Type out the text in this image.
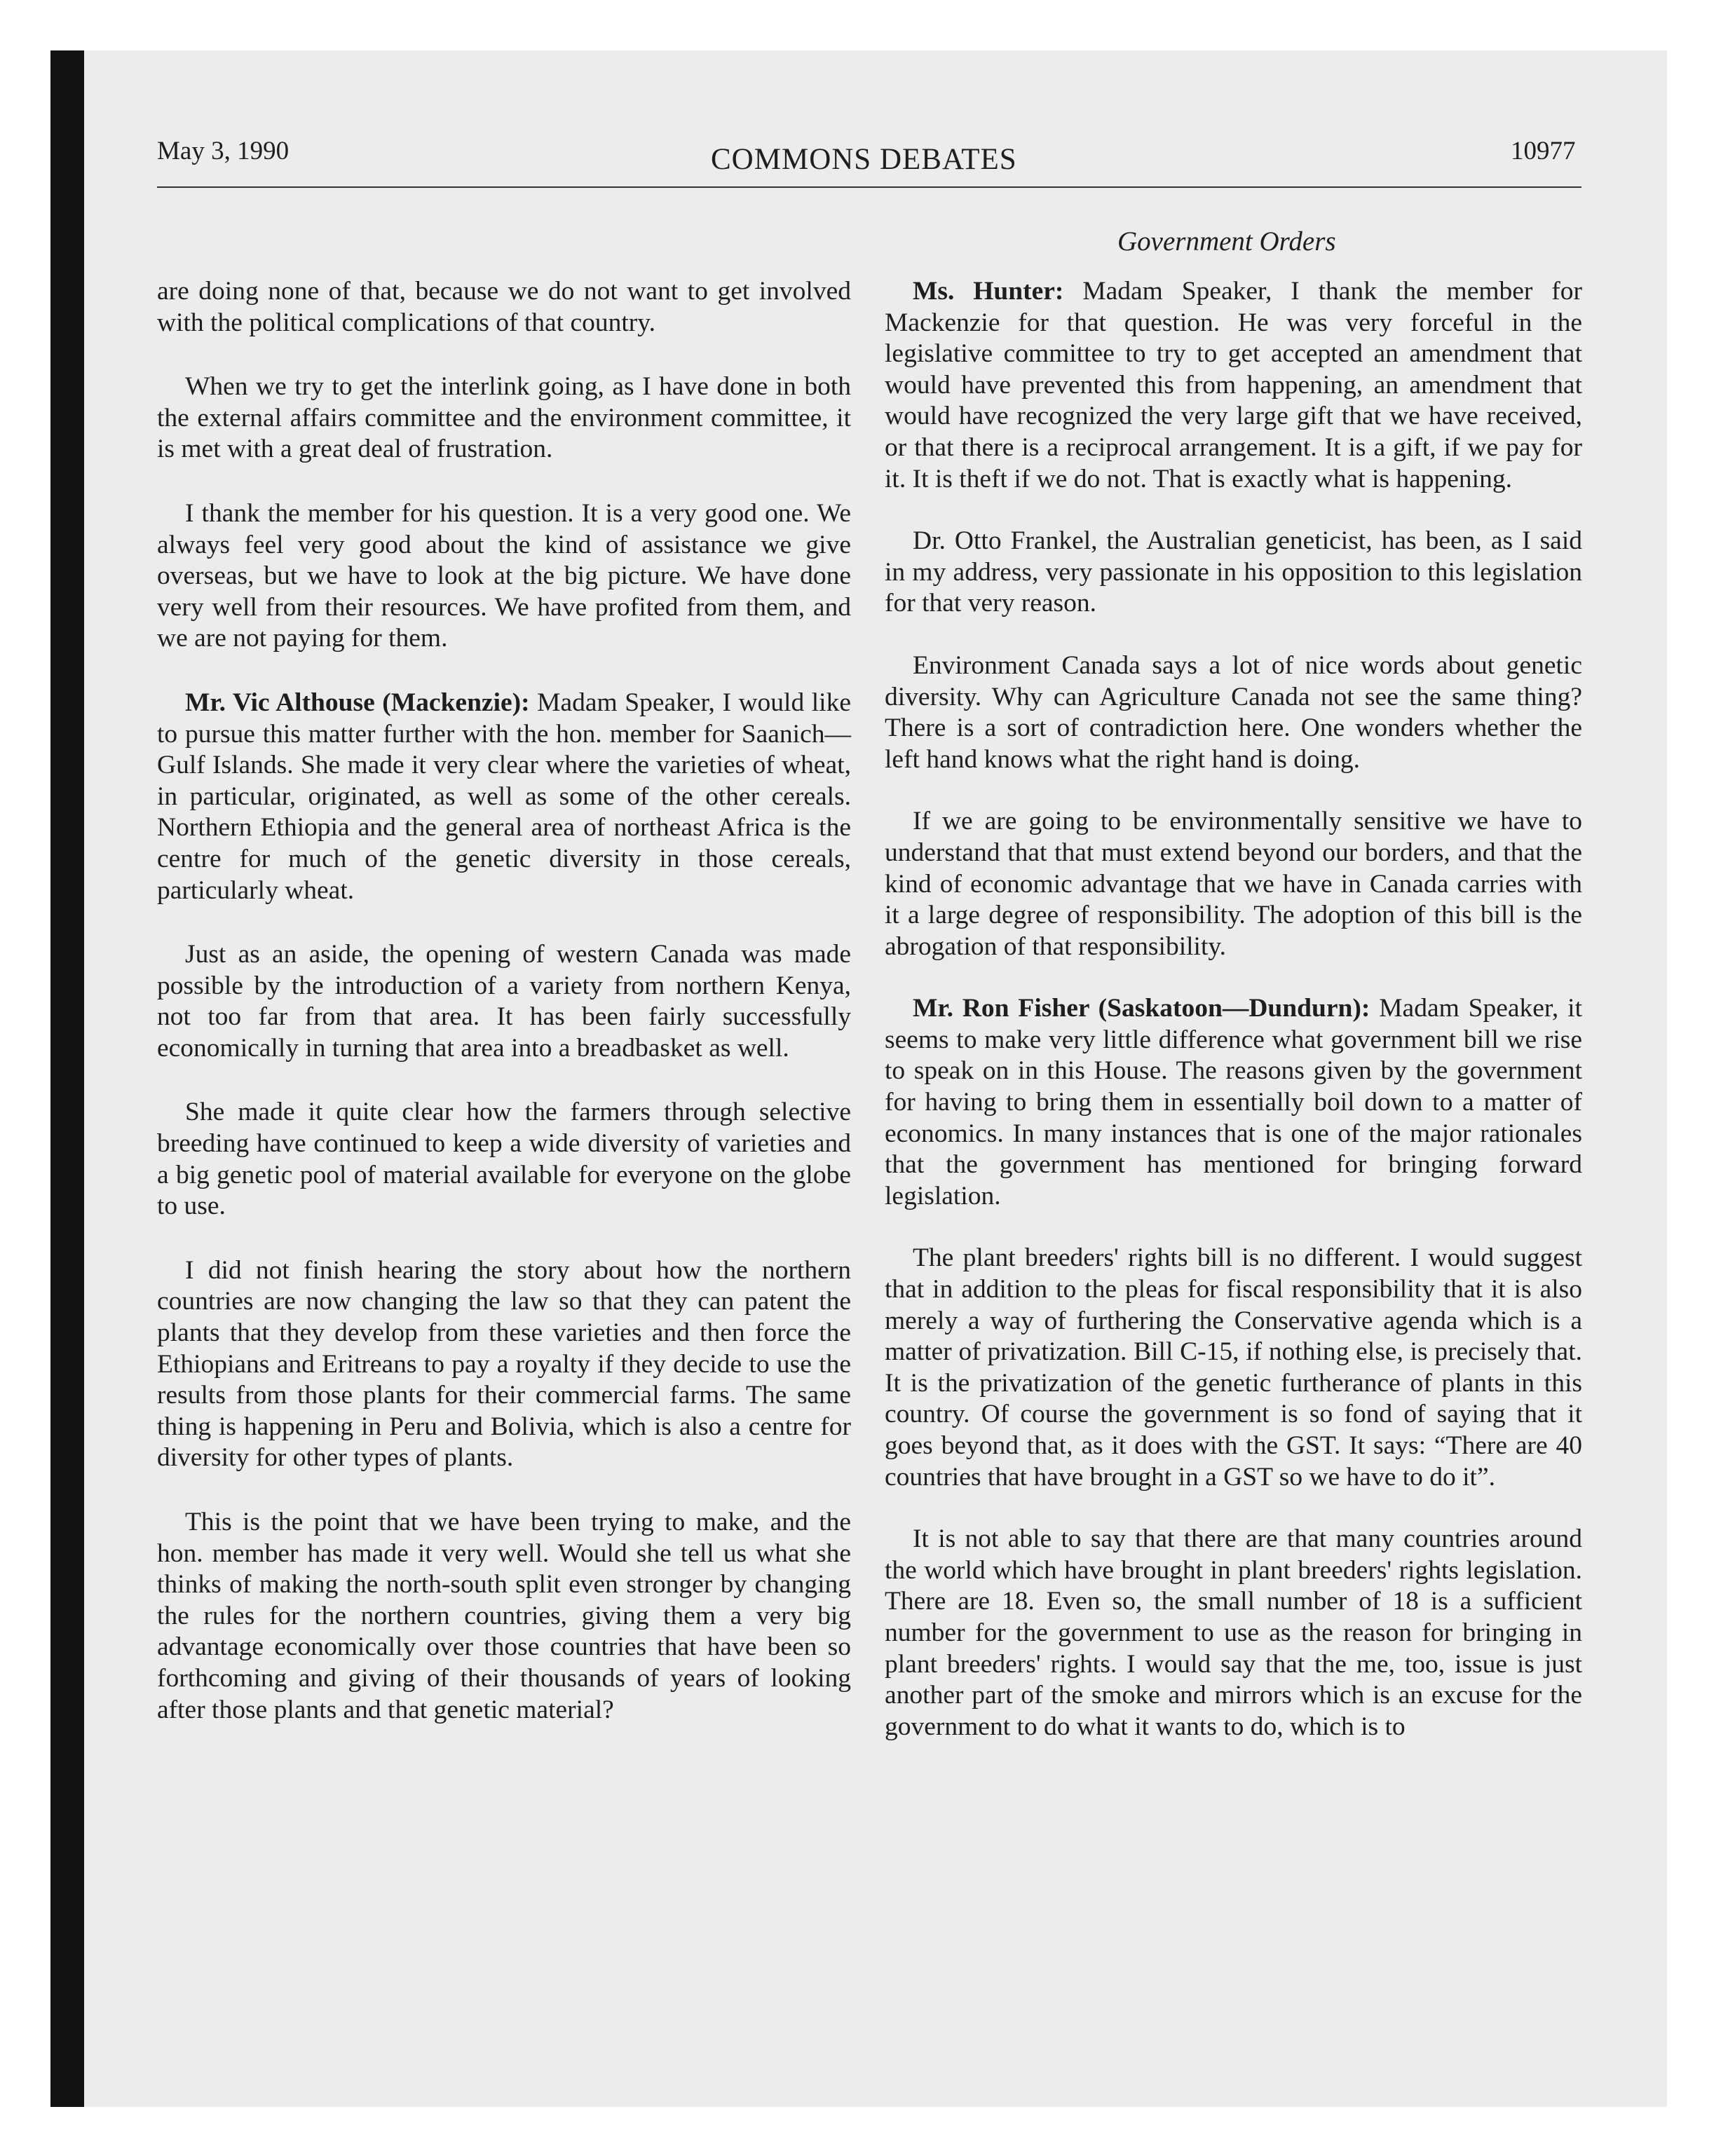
May 3, 1990	COMMONS DEBATES	10977
Government Orders

are doing none of that, because we do not want to get involved with the political complications of that country.

When we try to get the interlink going, as I have done in both the external affairs committee and the environment committee, it is met with a great deal of frustration.

I thank the member for his question. It is a very good one. We always feel very good about the kind of assistance we give overseas, but we have to look at the big picture. We have done very well from their resources. We have profited from them, and we are not paying for them.

Mr. Vic Althouse (Mackenzie): Madam Speaker, I would like to pursue this matter further with the hon. member for Saanich—Gulf Islands. She made it very clear where the varieties of wheat, in particular, originated, as well as some of the other cereals. Northern Ethiopia and the general area of northeast Africa is the centre for much of the genetic diversity in those cereals, particularly wheat.

Just as an aside, the opening of western Canada was made possible by the introduction of a variety from northern Kenya, not too far from that area. It has been fairly successfully economically in turning that area into a breadbasket as well.

She made it quite clear how the farmers through selective breeding have continued to keep a wide diversity of varieties and a big genetic pool of material available for everyone on the globe to use.

I did not finish hearing the story about how the northern countries are now changing the law so that they can patent the plants that they develop from these varieties and then force the Ethiopians and Eritreans to pay a royalty if they decide to use the results from those plants for their commercial farms. The same thing is happening in Peru and Bolivia, which is also a centre for diversity for other types of plants.

This is the point that we have been trying to make, and the hon. member has made it very well. Would she tell us what she thinks of making the north-south split even stronger by changing the rules for the northern countries, giving them a very big advantage economically over those countries that have been so forthcoming and giving of their thousands of years of looking after those plants and that genetic material?

Ms. Hunter: Madam Speaker, I thank the member for Mackenzie for that question. He was very forceful in the legislative committee to try to get accepted an amendment that would have prevented this from happening, an amendment that would have recognized the very large gift that we have received, or that there is a reciprocal arrangement. It is a gift, if we pay for it. It is theft if we do not. That is exactly what is happening.

Dr. Otto Frankel, the Australian geneticist, has been, as I said in my address, very passionate in his opposition to this legislation for that very reason.

Environment Canada says a lot of nice words about genetic diversity. Why can Agriculture Canada not see the same thing? There is a sort of contradiction here. One wonders whether the left hand knows what the right hand is doing.

If we are going to be environmentally sensitive we have to understand that that must extend beyond our borders, and that the kind of economic advantage that we have in Canada carries with it a large degree of responsibility. The adoption of this bill is the abrogation of that responsibility.

Mr. Ron Fisher (Saskatoon—Dundurn): Madam Speaker, it seems to make very little difference what government bill we rise to speak on in this House. The reasons given by the government for having to bring them in essentially boil down to a matter of economics. In many instances that is one of the major rationales that the government has mentioned for bringing forward legislation.

The plant breeders' rights bill is no different. I would suggest that in addition to the pleas for fiscal responsibility that it is also merely a way of furthering the Conservative agenda which is a matter of privatization. Bill C-15, if nothing else, is precisely that. It is the privatization of the genetic furtherance of plants in this country. Of course the government is so fond of saying that it goes beyond that, as it does with the GST. It says: “There are 40 countries that have brought in a GST so we have to do it”.

It is not able to say that there are that many countries around the world which have brought in plant breeders' rights legislation. There are 18. Even so, the small number of 18 is a sufficient number for the government to use as the reason for bringing in plant breeders' rights. I would say that the me, too, issue is just another part of the smoke and mirrors which is an excuse for the government to do what it wants to do, which is to
